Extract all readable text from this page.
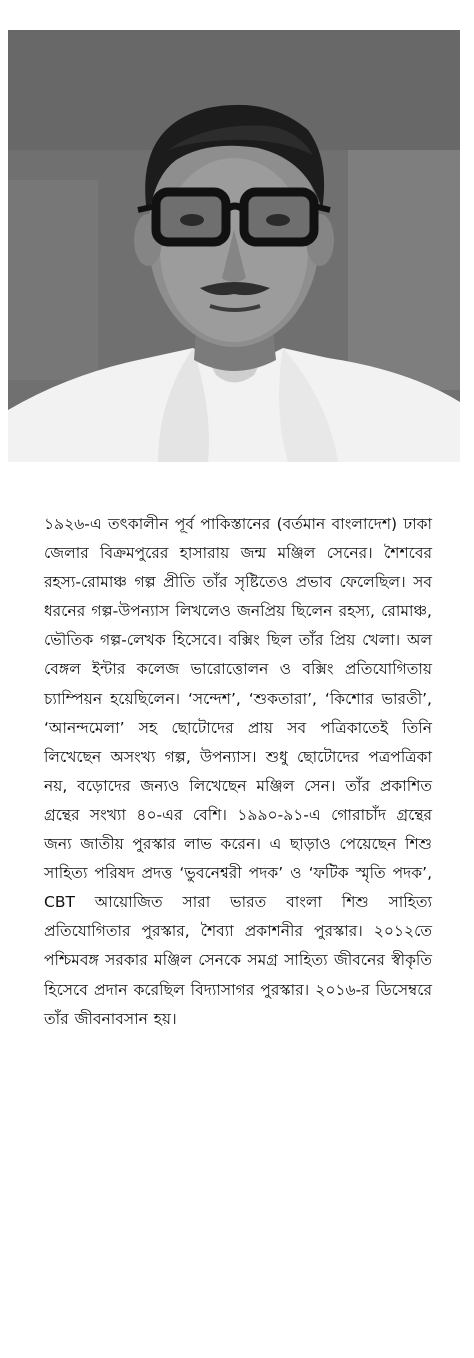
১৯২৬-এ তৎকালীন পূর্ব পাকিস্তানের (বর্তমান বাংলাদেশ) ঢাকা জেলার বিক্রমপুরের হাসারায় জন্ম মঞ্জিল সেনের। শৈশবের রহস্য-রোমাঞ্চ গল্প প্রীতি তাঁর সৃষ্টিতেও প্রভাব ফেলেছিল। সব ধরনের গল্প-উপন্যাস লিখলেও জনপ্রিয় ছিলেন রহস্য, রোমাঞ্চ, ভৌতিক গল্প-লেখক হিসেবে। বক্সিং ছিল তাঁর প্রিয় খেলা। অল বেঙ্গল ইন্টার কলেজ ভারোত্তোলন ও বক্সিং প্রতিযোগিতায় চ্যাম্পিয়ন হয়েছিলেন। ‘সন্দেশ’, ‘শুকতারা’, ‘কিশোর ভারতী’, ‘আনন্দমেলা’ সহ ছোটোদের প্রায় সব পত্রিকাতেই তিনি লিখেছেন অসংখ্য গল্প, উপন্যাস। শুধু ছোটোদের পত্রপত্রিকা নয়, বড়োদের জন্যও লিখেছেন মঞ্জিল সেন। তাঁর প্রকাশিত গ্রন্থের সংখ্যা ৪০-এর বেশি। ১৯৯০-৯১-এ গোরাচাঁদ গ্রন্থের জন্য জাতীয় পুরস্কার লাভ করেন। এ ছাড়াও পেয়েছেন শিশু সাহিত্য পরিষদ প্রদত্ত ‘ভুবনেশ্বরী পদক’ ও ‘ফটিক স্মৃতি পদক’, CBT আয়োজিত সারা ভারত বাংলা শিশু সাহিত্য প্রতিযোগিতার পুরস্কার, শৈব্যা প্রকাশনীর পুরস্কার। ২০১২তে পশ্চিমবঙ্গ সরকার মঞ্জিল সেনকে সমগ্র সাহিত্য জীবনের স্বীকৃতি হিসেবে প্রদান করেছিল বিদ্যাসাগর পুরস্কার। ২০১৬-র ডিসেম্বরে তাঁর জীবনাবসান হয়।
